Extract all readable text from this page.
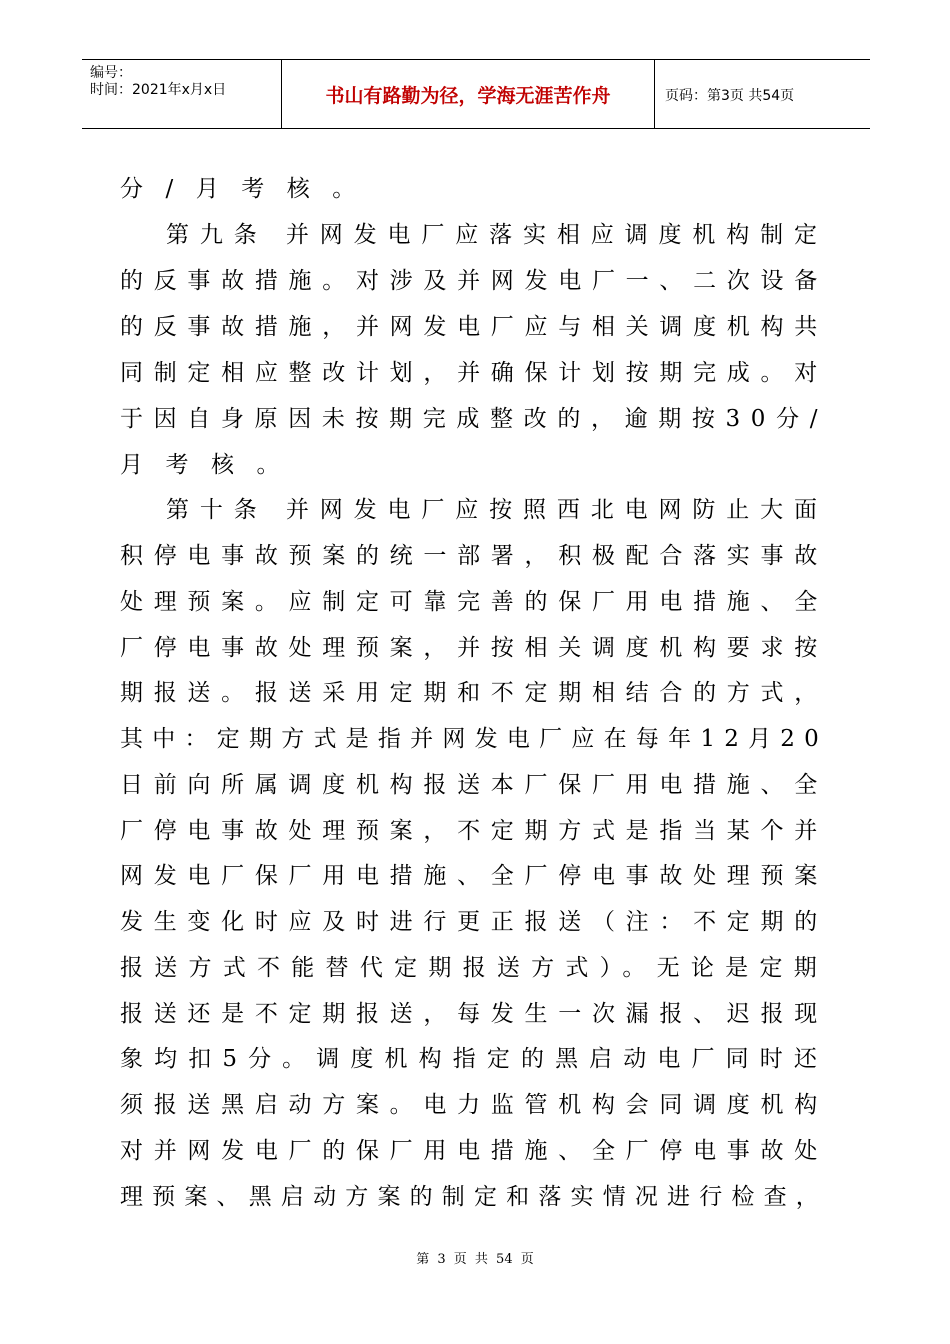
编号：
时间：2021年x月x日	书山有路勤为径，学海无涯苦作舟	页码：第3页 共54页
分/月考核。
第九条 并网发电厂应落实相应调度机构制定
的反事故措施。对涉及并网发电厂一、二次设备
的反事故措施，并网发电厂应与相关调度机构共
同制定相应整改计划，并确保计划按期完成。对
于因自身原因未按期完成整改的，逾期按30分/
月考核。
第十条 并网发电厂应按照西北电网防止大面
积停电事故预案的统一部署，积极配合落实事故
处理预案。应制定可靠完善的保厂用电措施、全
厂停电事故处理预案，并按相关调度机构要求按
期报送。报送采用定期和不定期相结合的方式，
其中：定期方式是指并网发电厂应在每年12月20
日前向所属调度机构报送本厂保厂用电措施、全
厂停电事故处理预案，不定期方式是指当某个并
网发电厂保厂用电措施、全厂停电事故处理预案
发生变化时应及时进行更正报送（注：不定期的
报送方式不能替代定期报送方式）。无论是定期
报送还是不定期报送，每发生一次漏报、迟报现
象均扣5分。调度机构指定的黑启动电厂同时还
须报送黑启动方案。电力监管机构会同调度机构
对并网发电厂的保厂用电措施、全厂停电事故处
理预案、黑启动方案的制定和落实情况进行检查，
第 3 页 共 54 页
